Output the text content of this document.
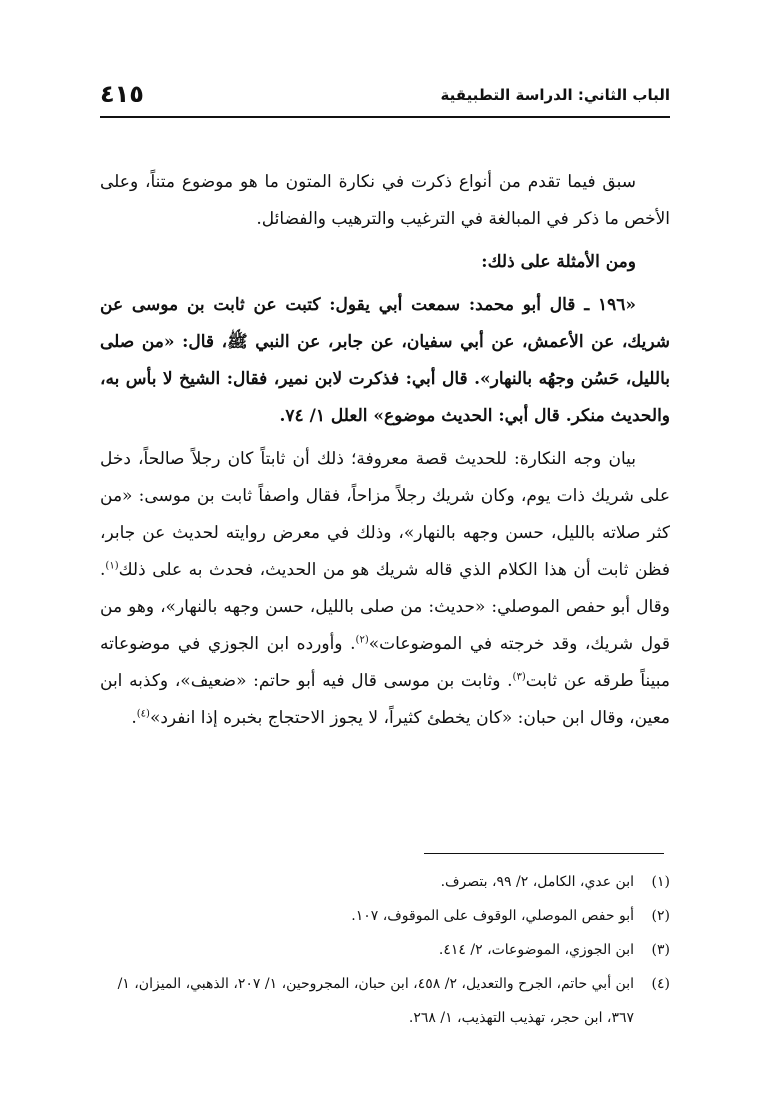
الباب الثاني: الدراسة التطبيقية
٤١٥

سبق فيما تقدم من أنواع ذكرت في نكارة المتون ما هو موضوع متناً، وعلى الأخص ما ذكر في المبالغة في الترغيب والترهيب والفضائل.

ومن الأمثلة على ذلك:

«١٩٦ ـ قال أبو محمد: سمعت أبي يقول: كتبت عن ثابت بن موسى عن شريك، عن الأعمش، عن أبي سفيان، عن جابر، عن النبي ﷺ، قال: «من صلى بالليل، حَسُن وجهُه بالنهار». قال أبي: فذكرت لابن نمير، فقال: الشيخ لا بأس به، والحديث منكر. قال أبي: الحديث موضوع» العلل ١/ ٧٤.

بيان وجه النكارة: للحديث قصة معروفة؛ ذلك أن ثابتاً كان رجلاً صالحاً، دخل على شريك ذات يوم، وكان شريك رجلاً مزاحاً، فقال واصفاً ثابت بن موسى: «من كثر صلاته بالليل، حسن وجهه بالنهار»، وذلك في معرض روايته لحديث عن جابر، فظن ثابت أن هذا الكلام الذي قاله شريك هو من الحديث، فحدث به على ذلك$^{(١)}$. وقال أبو حفص الموصلي: «حديث: من صلى بالليل، حسن وجهه بالنهار»، وهو من قول شريك، وقد خرجته في الموضوعات»$^{(٢)}$. وأورده ابن الجوزي في موضوعاته مبيناً طرقه عن ثابت$^{(٣)}$. وثابت بن موسى قال فيه أبو حاتم: «ضعيف»، وكذبه ابن معين، وقال ابن حبان: «كان يخطئ كثيراً، لا يجوز الاحتجاج بخبره إذا انفرد»$^{(٤)}$.

(١)
ابن عدي، الكامل، ٢/ ٩٩، بتصرف.
(٢)
أبو حفص الموصلي، الوقوف على الموقوف، ١٠٧.
(٣)
ابن الجوزي، الموضوعات، ٢/ ٤١٤.
(٤)
ابن أبي حاتم، الجرح والتعديل، ٢/ ٤٥٨، ابن حبان، المجروحين، ١/ ٢٠٧، الذهبي، الميزان، ١/ ٣٦٧، ابن حجر، تهذيب التهذيب، ١/ ٢٦٨.
